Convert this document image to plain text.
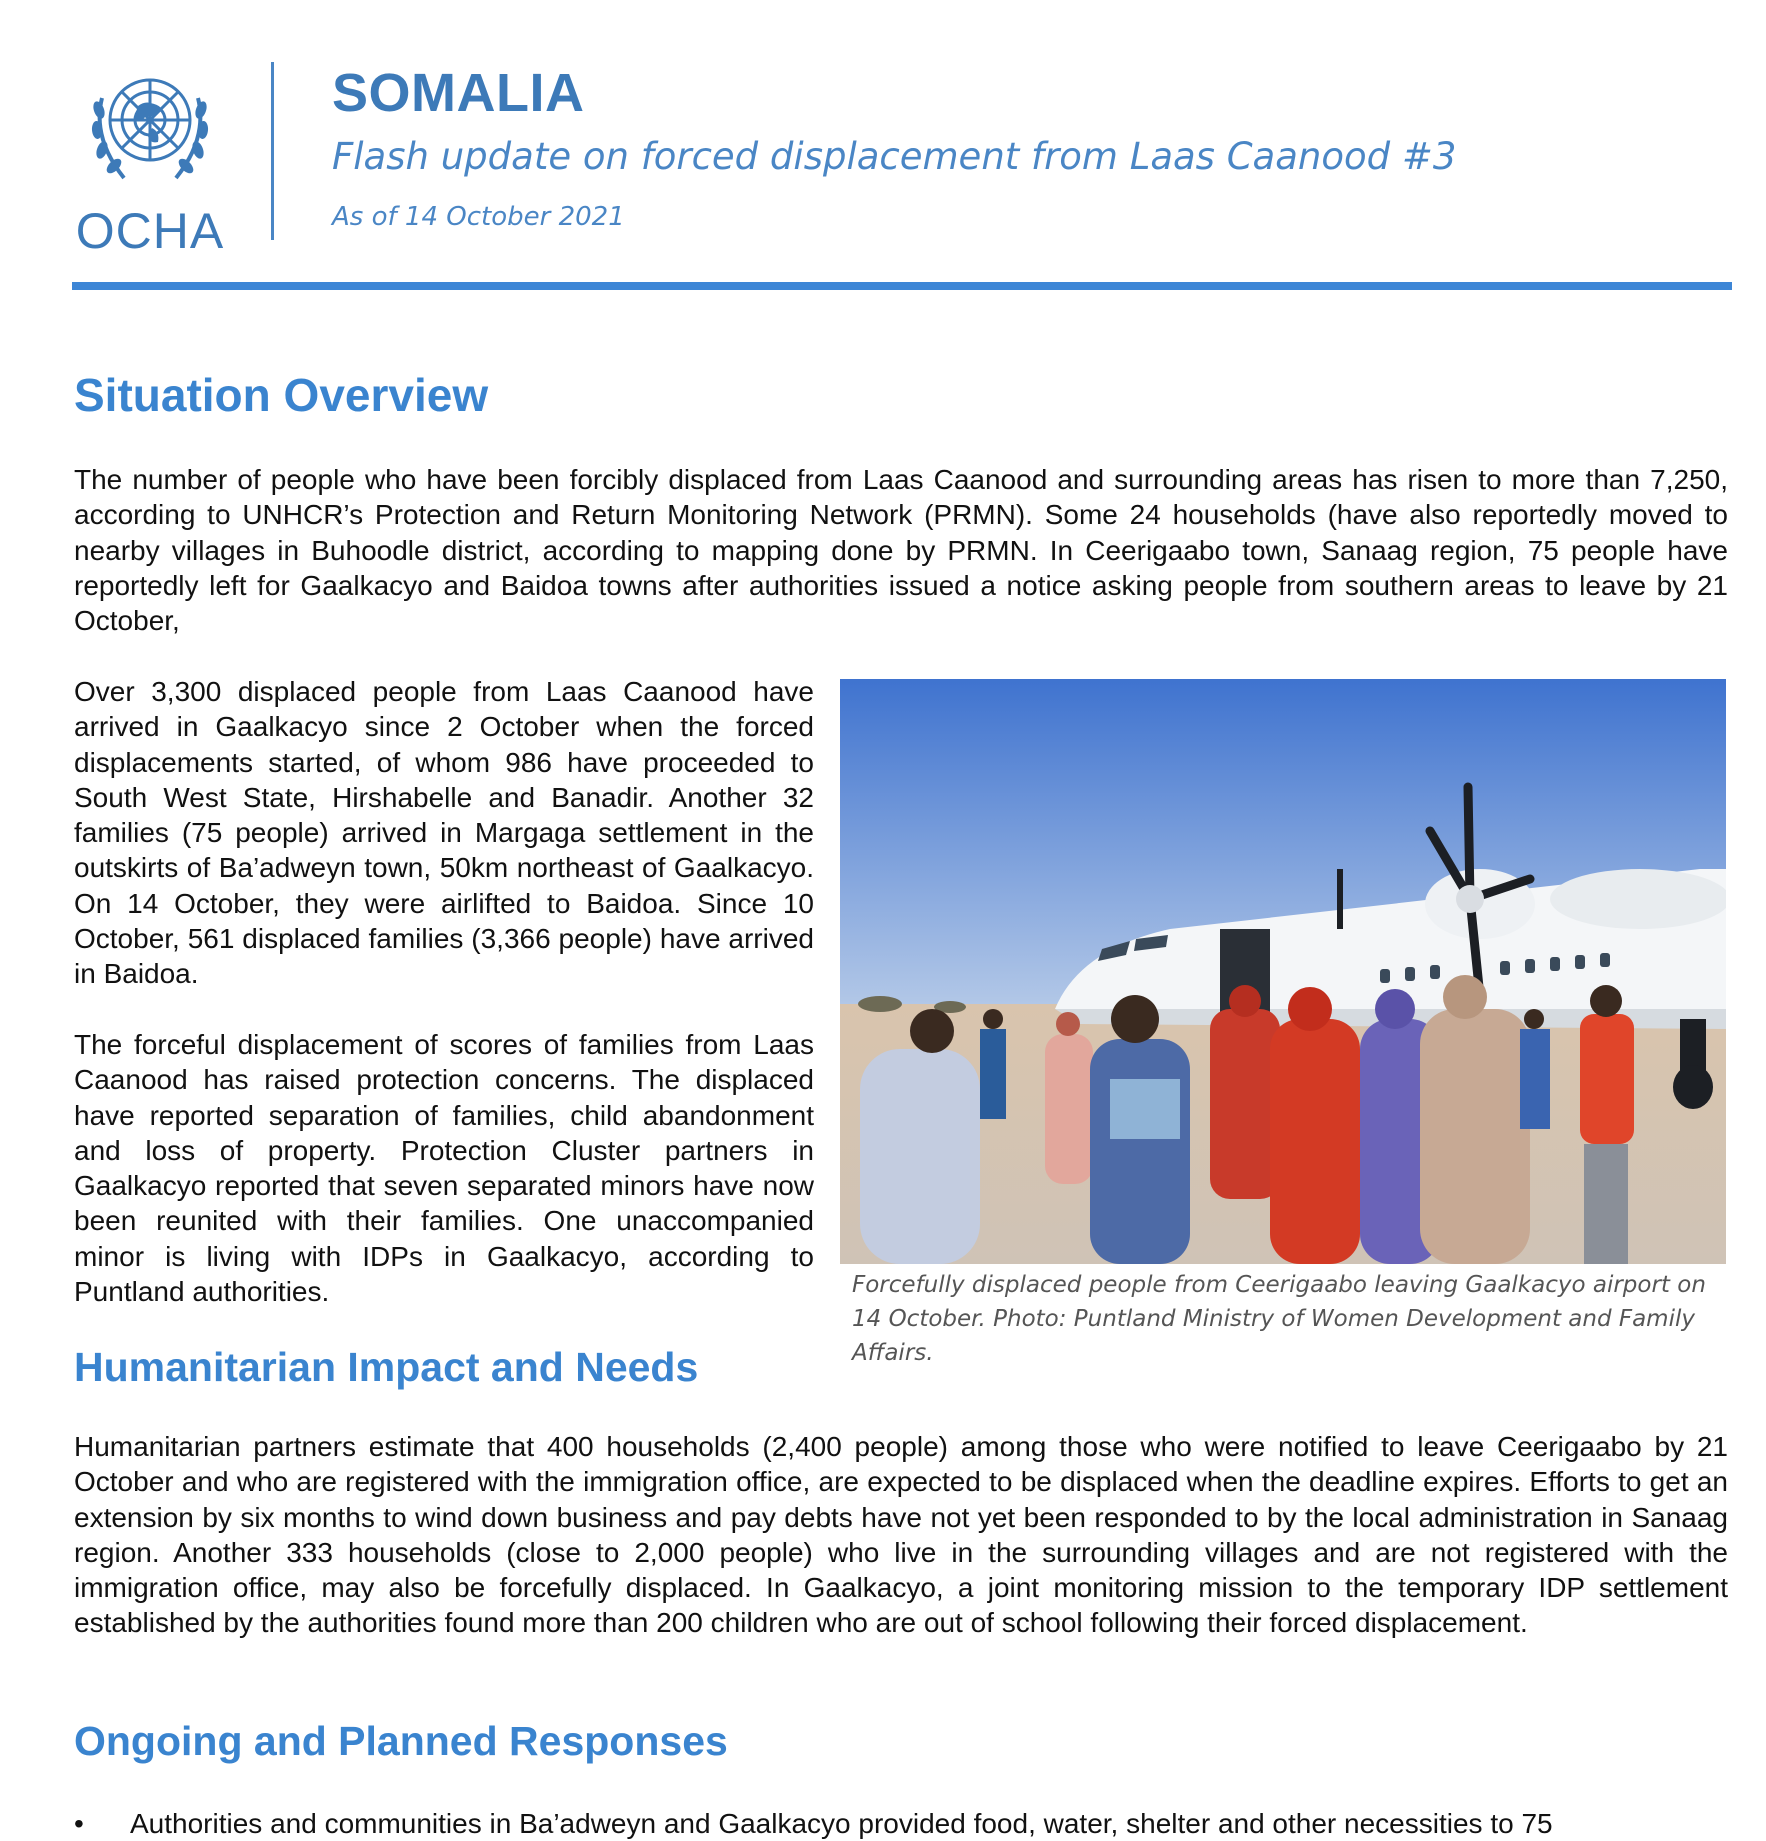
OCHA
SOMALIA
Flash update on forced displacement from Laas Caanood #3
As of 14 October 2021
Situation Overview
The number of people who have been forcibly displaced from Laas Caanood and surrounding areas has risen to more than 7,250, according to UNHCR’s Protection and Return Monitoring Network (PRMN). Some 24 households (have also reportedly moved to nearby villages in Buhoodle district, according to mapping done by PRMN. In Ceerigaabo town, Sanaag region, 75 people have reportedly left for Gaalkacyo and Baidoa towns after authorities issued a notice asking people from southern areas to leave by 21 October,
Over 3,300 displaced people from Laas Caanood have arrived in Gaalkacyo since 2 October when the forced displacements started, of whom 986 have proceeded to South West State, Hirshabelle and Banadir. Another 32 families (75 people) arrived in Margaga settlement in the outskirts of Ba’adweyn town, 50km northeast of Gaalkacyo. On 14 October, they were airlifted to Baidoa. Since 10 October, 561 displaced families (3,366 people) have arrived in Baidoa.
The forceful displacement of scores of families from Laas Caanood has raised protection concerns. The displaced have reported separation of families, child abandonment and loss of property. Protection Cluster partners in Gaalkacyo reported that seven separated minors have now been reunited with their families. One unaccompanied minor is living with IDPs in Gaalkacyo, according to Puntland authorities.	Forcefully displaced people from Ceerigaabo leaving Gaalkacyo airport on 14 October. Photo: Puntland Ministry of Women Development and Family Affairs.
Humanitarian Impact and Needs
Humanitarian partners estimate that 400 households (2,400 people) among those who were notified to leave Ceerigaabo by 21 October and who are registered with the immigration office, are expected to be displaced when the deadline expires. Efforts to get an extension by six months to wind down business and pay debts have not yet been responded to by the local administration in Sanaag region. Another 333 households (close to 2,000 people) who live in the surrounding villages and are not registered with the immigration office, may also be forcefully displaced. In Gaalkacyo, a joint monitoring mission to the temporary IDP settlement established by the authorities found more than 200 children who are out of school following their forced displacement.
Ongoing and Planned Responses
• Authorities and communities in Ba’adweyn and Gaalkacyo provided food, water, shelter and other necessities to 75
